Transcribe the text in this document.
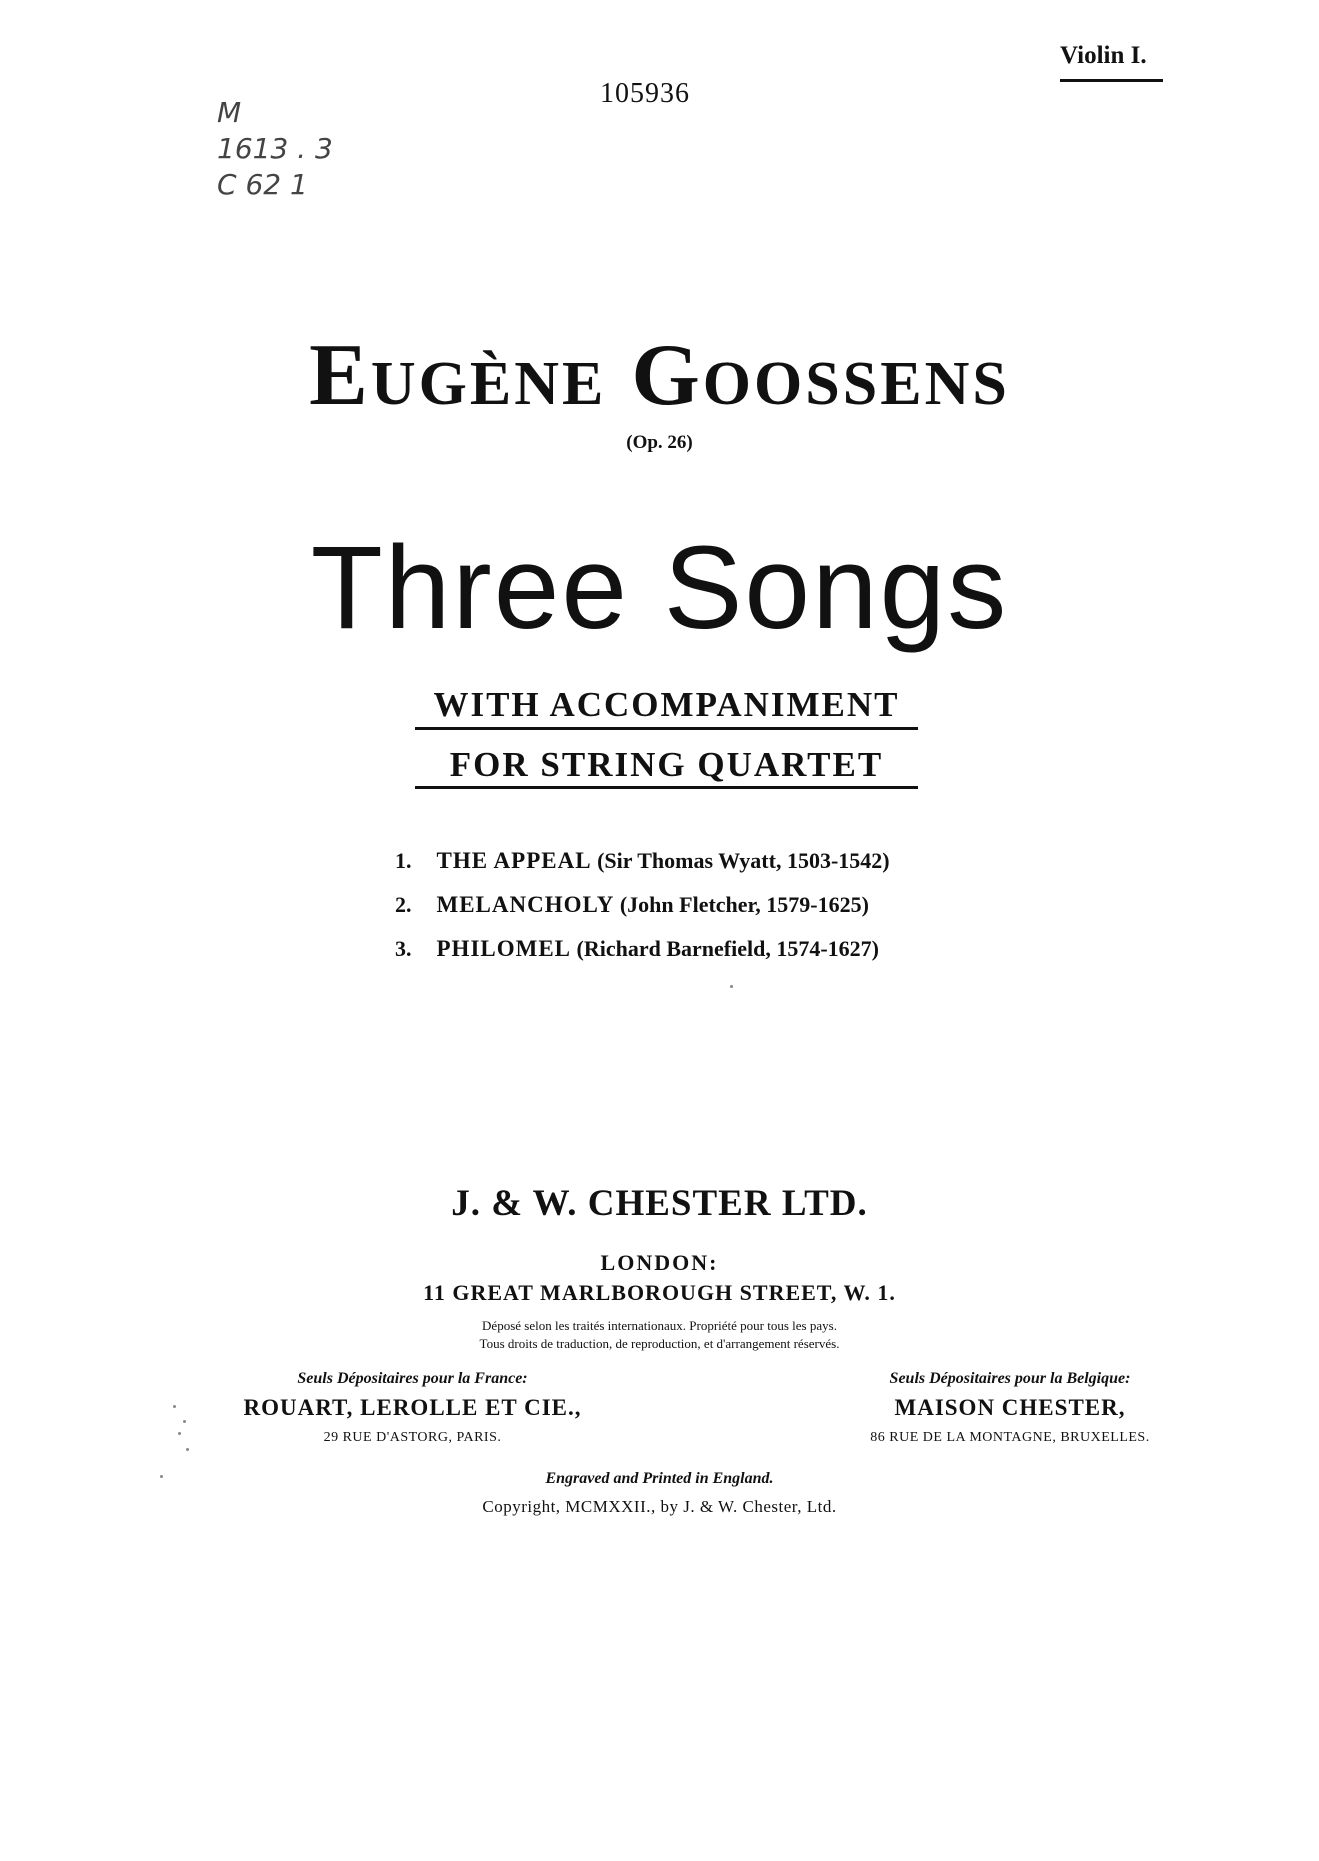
Violin I.
105936
M
1613 . 3
C 62 1
Eugène Goossens
(Op. 26)
Three Songs
WITH ACCOMPANIMENT
FOR STRING QUARTET
1. THE APPEAL (Sir Thomas Wyatt, 1503-1542)
2. MELANCHOLY (John Fletcher, 1579-1625)
3. PHILOMEL (Richard Barnefield, 1574-1627)
J. & W. CHESTER LTD.
LONDON:
11 GREAT MARLBOROUGH STREET, W. 1.
Déposé selon les traités internationaux. Propriété pour tous les pays.
Tous droits de traduction, de reproduction, et d'arrangement réservés.
Seuls Dépositaires pour la France:
ROUART, LEROLLE ET CIE.,
29 RUE D'ASTORG, PARIS.
Seuls Dépositaires pour la Belgique:
MAISON CHESTER,
86 RUE DE LA MONTAGNE, BRUXELLES.
Engraved and Printed in England.
Copyright, MCMXXII., by J. & W. Chester, Ltd.
